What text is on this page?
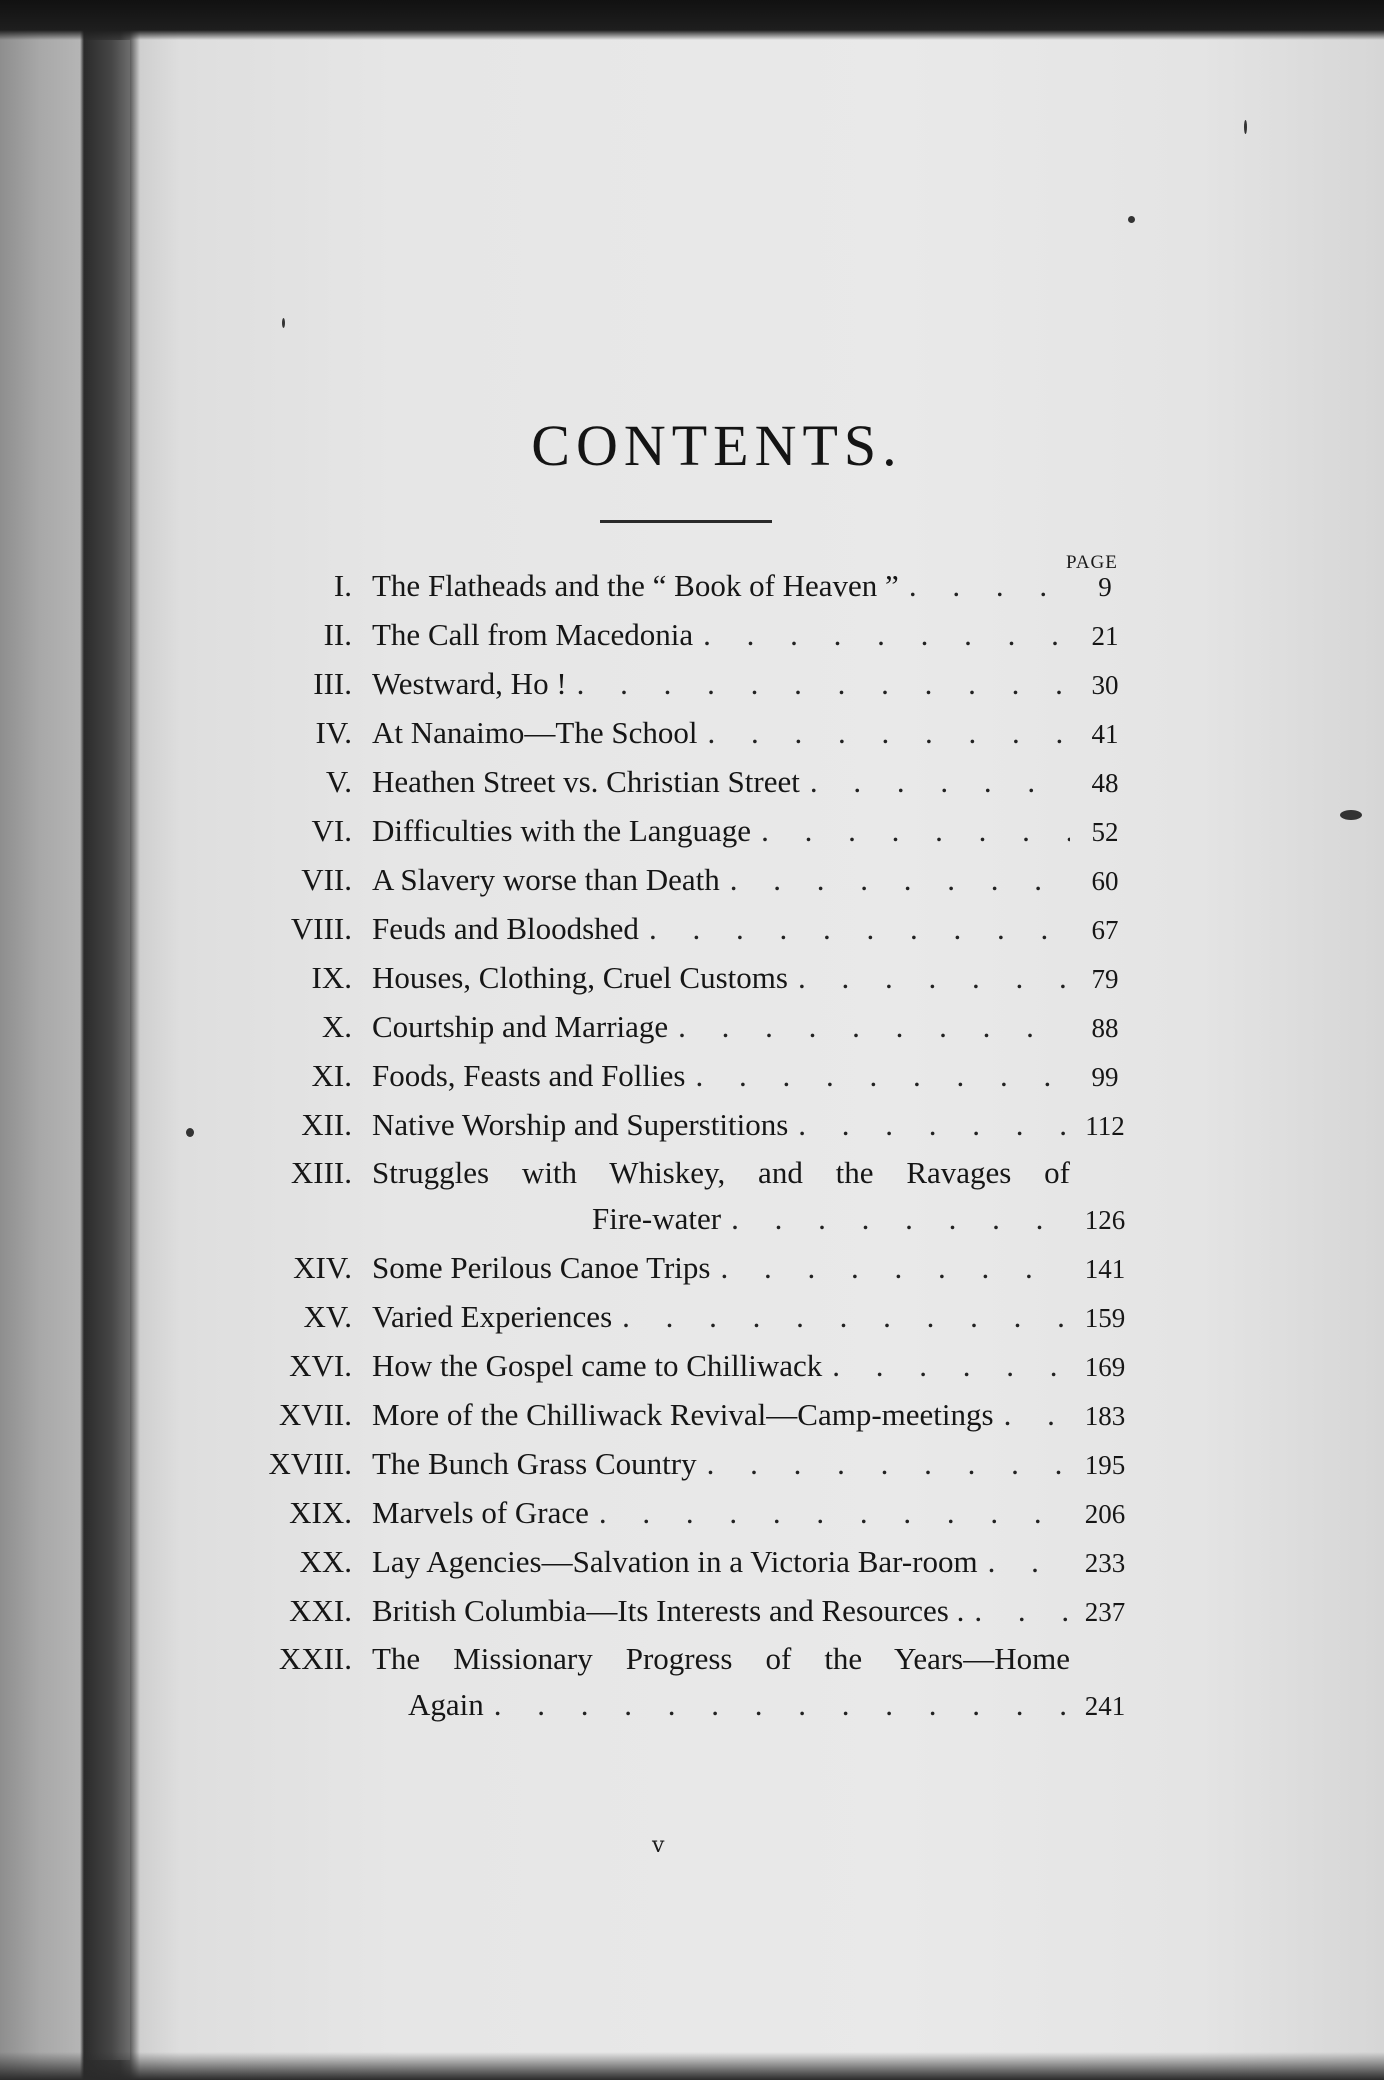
CONTENTS.
PAGE
I. The Flatheads and the “ Book of Heaven ” . . .	9
II. The Call from Macedonia . . .	21
III. Westward, Ho ! . . .	30
IV. At Nanaimo—The School . . .	41
V. Heathen Street vs. Christian Street . . .	48
VI. Difficulties with the Language . . .	52
VII. A Slavery worse than Death . . .	60
VIII. Feuds and Bloodshed . . .	67
IX. Houses, Clothing, Cruel Customs . . .	79
X. Courtship and Marriage . . .	88
XI. Foods, Feasts and Follies . . .	99
XII. Native Worship and Superstitions . . .	112
XIII. Struggles with Whiskey, and the Ravages of
Fire-water . . .	126
XIV. Some Perilous Canoe Trips . . .	141
XV. Varied Experiences . . .	159
XVI. How the Gospel came to Chilliwack . . .	169
XVII. More of the Chilliwack Revival—Camp-meetings . . .	183
XVIII. The Bunch Grass Country . . .	195
XIX. Marvels of Grace . . .	206
XX. Lay Agencies—Salvation in a Victoria Bar-room . . .	233
XXI. British Columbia—Its Interests and Resources . . . .	237
XXII. The Missionary Progress of the Years—Home
Again . . .	241
v
